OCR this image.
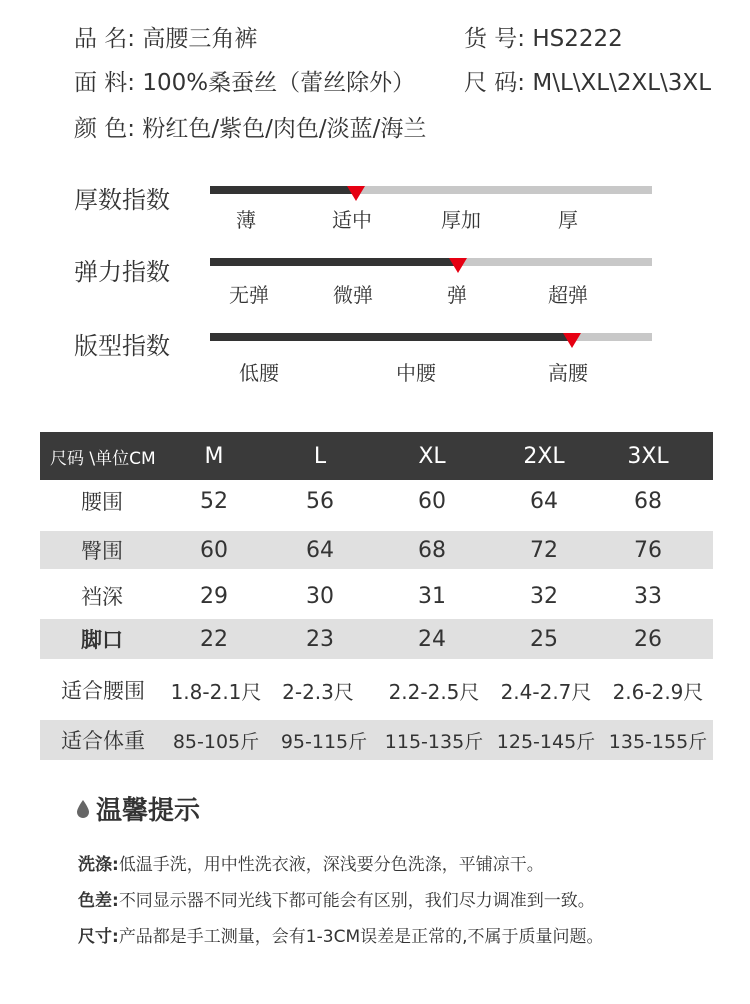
品 名: 高腰三角裤	货 号: HS2222
面 料: 100%桑蚕丝（蕾丝除外） 尺 码: M\L\XL\2XL\3XL
颜 色: 粉红色/紫色/肉色/淡蓝/海兰
厚数指数
薄	适中	厚加	厚
弹力指数
无弹	微弹	弹	超弹
版型指数
低腰	中腰	高腰
尺码 \单位CM	M	L	XL	2XL	3XL
腰围	52	56	60	64	68
臀围	60	64	68	72	76
裆深	29	30	31	32	33
脚口	22	23	24	25	26
适合腰围	1.8-2.1尺	2-2.3尺	2.2-2.5尺	2.4-2.7尺	2.6-2.9尺
适合体重	85-105斤	95-115斤 115-135斤 125-145斤 135-155斤
温馨提示
洗涤:低温手洗，用中性洗衣液，深浅要分色洗涤，平铺凉干。
色差:不同显示器不同光线下都可能会有区别，我们尽力调准到一致。
尺寸:产品都是手工测量，会有1-3CM误差是正常的,不属于质量问题。
